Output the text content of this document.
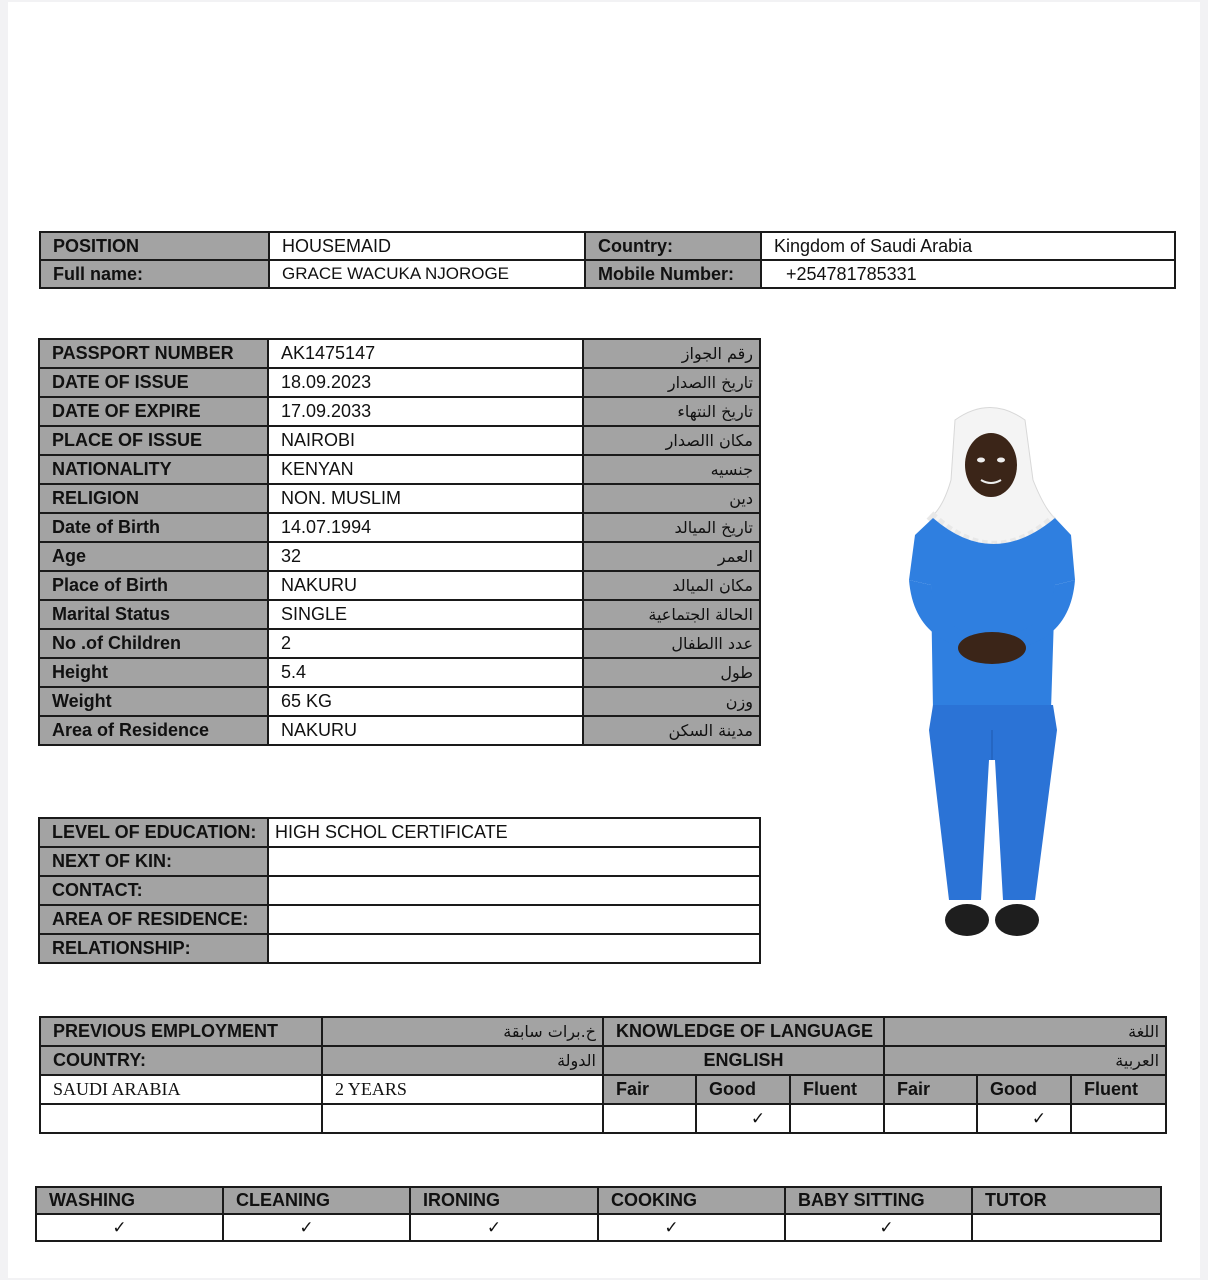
POSITION	HOUSEMAID	Country:	Kingdom of Saudi Arabia
Full name:	GRACE WACUKA NJOROGE	Mobile Number:	+254781785331
PASSPORT NUMBER	AK1475147	رقم الجواز
DATE OF ISSUE	18.09.2023	تاريخ االصدار
DATE OF EXPIRE	17.09.2033	تاريخ النتهاء
PLACE OF ISSUE	NAIROBI	مكان االصدار
NATIONALITY	KENYAN	جنسيه
RELIGION	NON. MUSLIM	دين
Date of Birth	14.07.1994	تاريخ الميالد
Age	32	العمر
Place of Birth	NAKURU	مكان الميالد
Marital Status	SINGLE	الحالة الجتماعية
No .of Children	2	عدد االطفال
Height	5.4	طول
Weight	65 KG	وزن
Area of Residence	NAKURU	مدينة السكن
LEVEL OF EDUCATION:	HIGH SCHOL CERTIFICATE
NEXT OF KIN:	
CONTACT:	
AREA OF RESIDENCE:	
RELATIONSHIP:	
PREVIOUS EMPLOYMENT	خ.برات سابقة	KNOWLEDGE OF LANGUAGE			اللغة		
COUNTRY:	الدولة	ENGLISH			العربية		
SAUDI ARABIA	2 YEARS	Fair	Good	Fluent	Fair	Good	Fluent
			✓			✓	
WASHING	CLEANING	IRONING	COOKING	BABY SITTING	TUTOR
✓	✓	✓	✓	✓	
